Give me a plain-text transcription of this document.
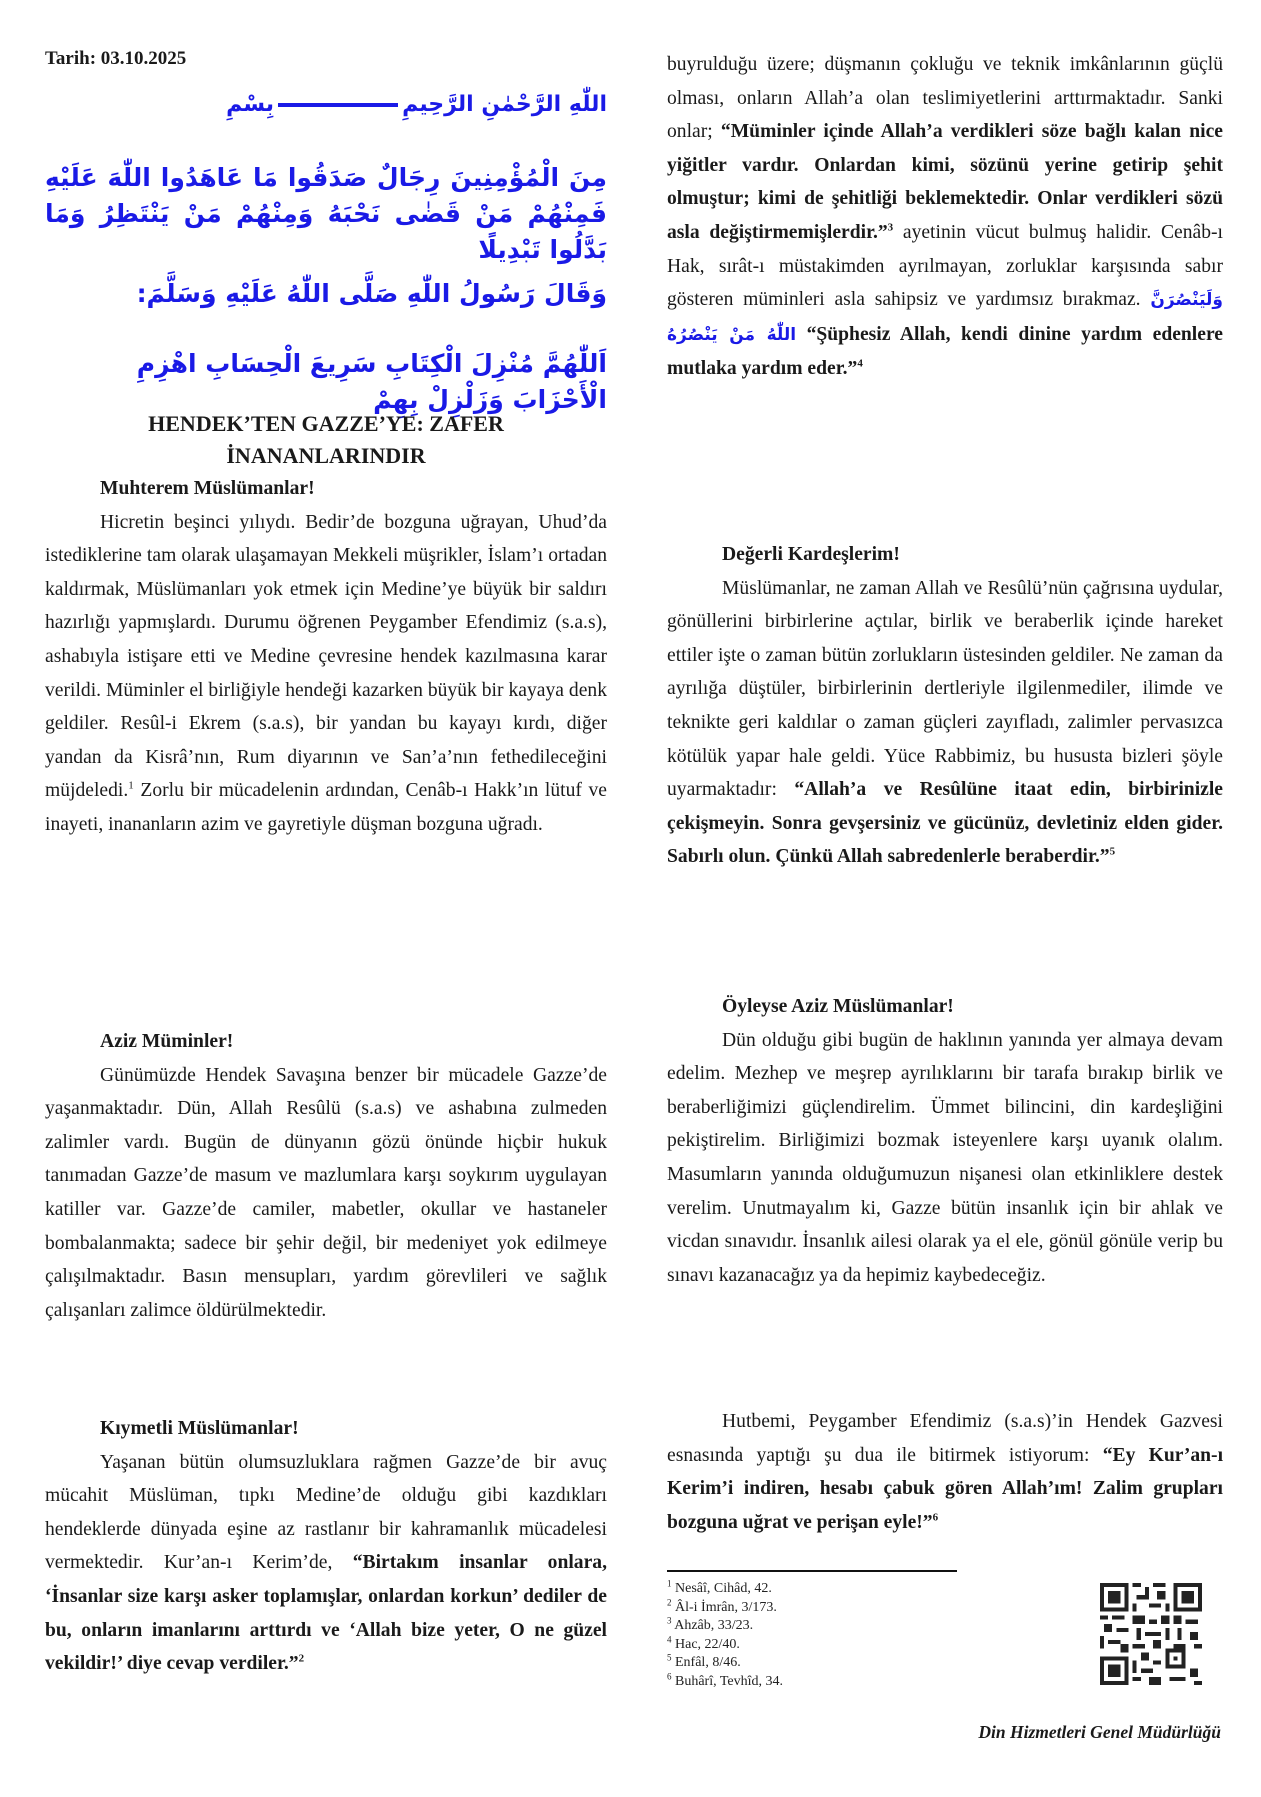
Tarih: 03.10.2025
اللّٰهِ الرَّحْمٰنِ الرَّحِيمِبِسْمِ
مِنَ الْمُؤْمِنِينَ رِجَالٌ صَدَقُوا مَا عَاهَدُوا اللّٰهَ عَلَيْهِ فَمِنْهُمْ مَنْ قَضٰى نَحْبَهُ وَمِنْهُمْ مَنْ يَنْتَظِرُ وَمَا بَدَّلُوا تَبْدِيلًا
وَقَالَ رَسُولُ اللّٰهِ صَلَّى اللّٰهُ عَلَيْهِ وَسَلَّمَ:
اَللّٰهُمَّ مُنْزِلَ الْكِتَابِ سَرِيعَ الْحِسَابِ اهْزِمِ الْأَحْزَابَ وَزَلْزِلْ بِهِمْ
HENDEK’TEN GAZZE’YE: ZAFER
İNANANLARINDIR

Muhterem Müslümanlar!

Hicretin beşinci yılıydı. Bedir’de bozguna uğrayan, Uhud’da istediklerine tam olarak ulaşamayan Mekkeli müşrikler, İslam’ı ortadan kaldırmak, Müslümanları yok etmek için Medine’ye büyük bir saldırı hazırlığı yapmışlardı. Durumu öğrenen Peygamber Efendimiz (s.a.s), ashabıyla istişare etti ve Medine çevresine hendek kazılmasına karar verildi. Müminler el birliğiyle hendeği kazarken büyük bir kayaya denk geldiler. Resûl-i Ekrem (s.a.s), bir yandan bu kayayı kırdı, diğer yandan da Kisrâ’nın, Rum diyarının ve San’a’nın fethedileceğini müjdeledi.$^1$ Zorlu bir mücadelenin ardından, Cenâb-ı Hakk’ın lütuf ve inayeti, inananların azim ve gayretiyle düşman bozguna uğradı.

Aziz Müminler!

Günümüzde Hendek Savaşına benzer bir mücadele Gazze’de yaşanmaktadır. Dün, Allah Resûlü (s.a.s) ve ashabına zulmeden zalimler vardı. Bugün de dünyanın gözü önünde hiçbir hukuk tanımadan Gazze’de masum ve mazlumlara karşı soykırım uygulayan katiller var. Gazze’de camiler, mabetler, okullar ve hastaneler bombalanmakta; sadece bir şehir değil, bir medeniyet yok edilmeye çalışılmaktadır. Basın mensupları, yardım görevlileri ve sağlık çalışanları zalimce öldürülmektedir.

Kıymetli Müslümanlar!

Yaşanan bütün olumsuzluklara rağmen Gazze’de bir avuç mücahit Müslüman, tıpkı Medine’de olduğu gibi kazdıkları hendeklerde dünyada eşine az rastlanır bir kahramanlık mücadelesi vermektedir. Kur’an-ı Kerim’de, “Birtakım insanlar onlara, ‘İnsanlar size karşı asker toplamışlar, onlardan korkun’ dediler de bu, onların imanlarını arttırdı ve ‘Allah bize yeter, O ne güzel vekildir!’ diye cevap verdiler.”$^2$

buyrulduğu üzere; düşmanın çokluğu ve teknik imkânlarının güçlü olması, onların Allah’a olan teslimiyetlerini arttırmaktadır. Sanki onlar; “Müminler içinde Allah’a verdikleri söze bağlı kalan nice yiğitler vardır. Onlardan kimi, sözünü yerine getirip şehit olmuştur; kimi de şehitliği beklemektedir. Onlar verdikleri sözü asla değiştirmemişlerdir.”$^3$ ayetinin vücut bulmuş halidir. Cenâb-ı Hak, sırât-ı müstakimden ayrılmayan, zorluklar karşısında sabır gösteren müminleri asla sahipsiz ve yardımsız bırakmaz. وَلَيَنْصُرَنَّ اللّٰهُ مَنْ يَنْصُرُهُ “Şüphesiz Allah, kendi dinine yardım edenlere mutlaka yardım eder.”$^4$

Değerli Kardeşlerim!

Müslümanlar, ne zaman Allah ve Resûlü’nün çağrısına uydular, gönüllerini birbirlerine açtılar, birlik ve beraberlik içinde hareket ettiler işte o zaman bütün zorlukların üstesinden geldiler. Ne zaman da ayrılığa düştüler, birbirlerinin dertleriyle ilgilenmediler, ilimde ve teknikte geri kaldılar o zaman güçleri zayıfladı, zalimler pervasızca kötülük yapar hale geldi. Yüce Rabbimiz, bu hususta bizleri şöyle uyarmaktadır: “Allah’a ve Resûlüne itaat edin, birbirinizle çekişmeyin. Sonra gevşersiniz ve gücünüz, devletiniz elden gider. Sabırlı olun. Çünkü Allah sabredenlerle beraberdir.”$^5$

Öyleyse Aziz Müslümanlar!

Dün olduğu gibi bugün de haklının yanında yer almaya devam edelim. Mezhep ve meşrep ayrılıklarını bir tarafa bırakıp birlik ve beraberliğimizi güçlendirelim. Ümmet bilincini, din kardeşliğini pekiştirelim. Birliğimizi bozmak isteyenlere karşı uyanık olalım. Masumların yanında olduğumuzun nişanesi olan etkinliklere destek verelim. Unutmayalım ki, Gazze bütün insanlık için bir ahlak ve vicdan sınavıdır. İnsanlık ailesi olarak ya el ele, gönül gönüle verip bu sınavı kazanacağız ya da hepimiz kaybedeceğiz.

Hutbemi, Peygamber Efendimiz (s.a.s)’in Hendek Gazvesi esnasında yaptığı şu dua ile bitirmek istiyorum: “Ey Kur’an-ı Kerim’i indiren, hesabı çabuk gören Allah’ım! Zalim grupları bozguna uğrat ve perişan eyle!”$^6$

$^1$ Nesâî, Cihâd, 42.
$^2$ Âl-i İmrân, 3/173.
$^3$ Ahzâb, 33/23.
$^4$ Hac, 22/40.
$^5$ Enfâl, 8/46.
$^6$ Buhârî, Tevhîd, 34.
Din Hizmetleri Genel Müdürlüğü
